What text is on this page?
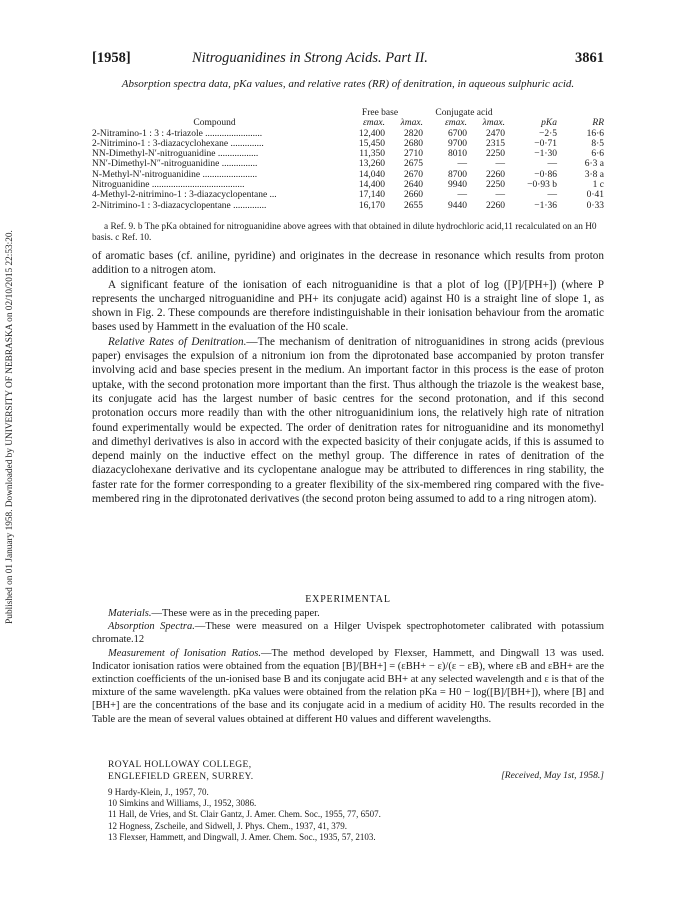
Published on 01 January 1958. Downloaded by UNIVERSITY OF NEBRASKA on 02/10/2015 22:53:20.
[1958]	Nitroguanidines in Strong Acids. Part II.	3861
Absorption spectra data, pKa values, and relative rates (RR) of denitration, in aqueous sulphuric acid.
	Free base		Conjugate acid			
Compound	εmax.	λmax.	εmax.	λmax.	pKa	RR
2-Nitramino-1 : 3 : 4-triazole ........................	12,400	2820	6700	2470	−2·5	16·6
2-Nitrimino-1 : 3-diazacyclohexane ..............	15,450	2680	9700	2315	−0·71	8·5
NN-Dimethyl-N′-nitroguanidine .................	11,350	2710	8010	2250	−1·30	6·6
NN′-Dimethyl-N″-nitroguanidine ...............	13,260	2675	—	—	—	6·3 a
N-Methyl-N′-nitroguanidine .......................	14,040	2670	8700	2260	−0·86	3·8 a
Nitroguanidine .......................................	14,400	2640	9940	2250	−0·93 b	1 c
4-Methyl-2-nitrimino-1 : 3-diazacyclopentane ...	17,140	2660	—	—	—	0·41
2-Nitrimino-1 : 3-diazacyclopentane ..............	16,170	2655	9440	2260	−1·36	0·33
a Ref. 9. b The pKa obtained for nitroguanidine above agrees with that obtained in dilute hydrochloric acid,11 recalculated on an H0 basis. c Ref. 10.

of aromatic bases (cf. aniline, pyridine) and originates in the decrease in resonance which results from proton addition to a nitrogen atom.

A significant feature of the ionisation of each nitroguanidine is that a plot of log ([P]/[PH+]) (where P represents the uncharged nitroguanidine and PH+ its conjugate acid) against H0 is a straight line of slope 1, as shown in Fig. 2. These compounds are therefore indistinguishable in their ionisation behaviour from the aromatic bases used by Hammett in the evaluation of the H0 scale.

Relative Rates of Denitration.—The mechanism of denitration of nitroguanidines in strong acids (previous paper) envisages the expulsion of a nitronium ion from the diprotonated base accompanied by proton transfer involving acid and base species present in the medium. An important factor in this process is the ease of proton uptake, with the second protonation more important than the first. Thus although the triazole is the weakest base, its conjugate acid has the largest number of basic centres for the second protonation, and if this second protonation occurs more readily than with the other nitroguanidinium ions, the relatively high rate of nitration found experimentally would be expected. The order of denitration rates for nitroguanidine and its monomethyl and dimethyl derivatives is also in accord with the expected basicity of their conjugate acids, if this is assumed to depend mainly on the inductive effect on the methyl group. The difference in rates of denitration of the diazacyclohexane derivative and its cyclopentane analogue may be attributed to differences in ring stability, the faster rate for the former corresponding to a greater flexibility of the six-membered ring compared with the five-membered ring in the diprotonated derivatives (the second proton being assumed to add to a ring nitrogen atom).

EXPERIMENTAL

Materials.—These were as in the preceding paper.

Absorption Spectra.—These were measured on a Hilger Uvispek spectrophotometer calibrated with potassium chromate.12

Measurement of Ionisation Ratios.—The method developed by Flexser, Hammett, and Dingwall 13 was used. Indicator ionisation ratios were obtained from the equation [B]/[BH+] = (εBH+ − ε)/(ε − εB), where εB and εBH+ are the extinction coefficients of the un-ionised base B and its conjugate acid BH+ at any selected wavelength and ε is that of the mixture of the same wavelength. pKa values were obtained from the relation pKa = H0 − log([B]/[BH+]), where [B] and [BH+] are the concentrations of the base and its conjugate acid in a medium of acidity H0. The results recorded in the Table are the mean of several values obtained at different H0 values and different wavelengths.

ROYAL HOLLOWAY COLLEGE,
ENGLEFIELD GREEN, SURREY.	[Received, May 1st, 1958.]
9 Hardy-Klein, J., 1957, 70.
10 Simkins and Williams, J., 1952, 3086.
11 Hall, de Vries, and St. Clair Gantz, J. Amer. Chem. Soc., 1955, 77, 6507.
12 Hogness, Zscheile, and Sidwell, J. Phys. Chem., 1937, 41, 379.
13 Flexser, Hammett, and Dingwall, J. Amer. Chem. Soc., 1935, 57, 2103.
